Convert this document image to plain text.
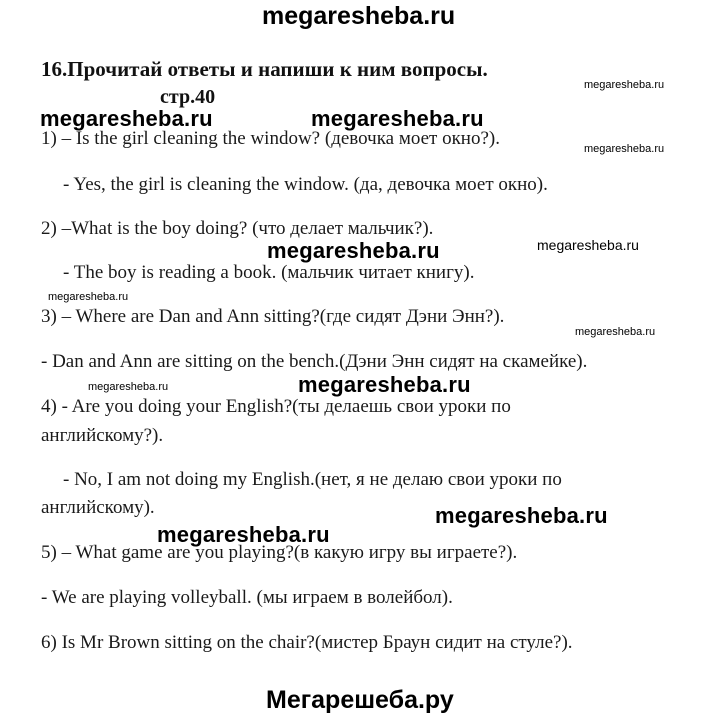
megaresheba.ru
16.Прочитай ответы и напиши к ним вопросы.
стр.40
megaresheba.ru
megaresheba.ru	megaresheba.ru
megaresheba.ru
megaresheba.ru	megaresheba.ru
megaresheba.ru
megaresheba.ru
megaresheba.ru	megaresheba.ru
megaresheba.ru
megaresheba.ru
1) – Is the girl cleaning the window? (девочка моет окно?).
- Yes, the girl is cleaning the window. (да, девочка моет окно).
2) –What is the boy doing? (что делает мальчик?).
- The boy is reading a book. (мальчик читает книгу).
3) – Where are Dan and Ann sitting?(где сидят Дэни Энн?).
- Dan and Ann are sitting on the bench.(Дэни Энн сидят на скамейке).
4) - Are you doing your English?(ты делаешь свои уроки по
английскому?).
- No, I am not doing my English.(нет, я не делаю свои уроки по
английскому).
5) – What game are you playing?(в какую игру вы играете?).
- We are playing volleyball. (мы играем в волейбол).
6) Is Mr Brown sitting on the chair?(мистер Браун сидит на стуле?).
Мегарешеба.ру
